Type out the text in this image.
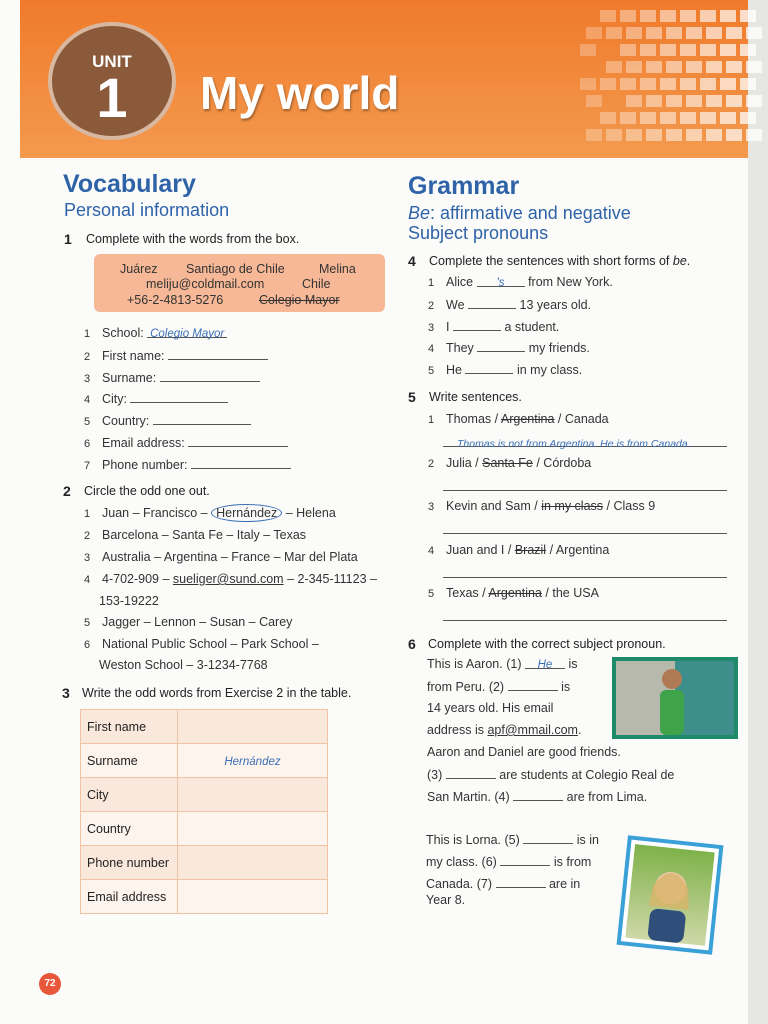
UNIT
1	My world
Vocabulary
Personal information
1 Complete with the words from the box.
Juárez Santiago de Chile	Melina
meliju@coldmail.com	Chile
+56-2-4813-5276	Colegio Mayor
1 School: Colegio Mayor
2 First name:
3 Surname:
4 City:
5 Country:
6 Email address:
7 Phone number:
2 Circle the odd one out.
1 Juan – Francisco – Hernández – Helena
2 Barcelona – Santa Fe – Italy – Texas
3 Australia – Argentina – France – Mar del Plata
4 4-702-909 – sueliger@sund.com – 2-345-11123 –
153-19222
5 Jagger – Lennon – Susan – Carey
6 National Public School – Park School –
Weston School – 3-1234-7768
3 Write the odd words from Exercise 2 in the table.
First name	
Surname	Hernández
City	
Country	
Phone number	
Email address	
Grammar
Be: affirmative and negative
Subject pronouns
4 Complete the sentences with short forms of be.
1 Alice 's from New York.
2 We	13 years old.
3 I	a student.
4 They	my friends.
5 He	in my class.
5 Write sentences.
1 Thomas / Argentina / Canada
Thomas is not from Argentina. He is from Canada.
2 Julia / Santa Fe / Córdoba
3 Kevin and Sam / in my class / Class 9
4 Juan and I / Brazil / Argentina
5 Texas / Argentina / the USA
6 Complete with the correct subject pronoun.
This is Aaron. (1) He is
from Peru. (2)	is
14 years old. His email
address is apf@mmail.com.
Aaron and Daniel are good friends.
(3)	are students at Colegio Real de
San Martin. (4)	are from Lima.
This is Lorna. (5)	is in
my class. (6)	is from
Canada. (7)	are in
Year 8.
72
